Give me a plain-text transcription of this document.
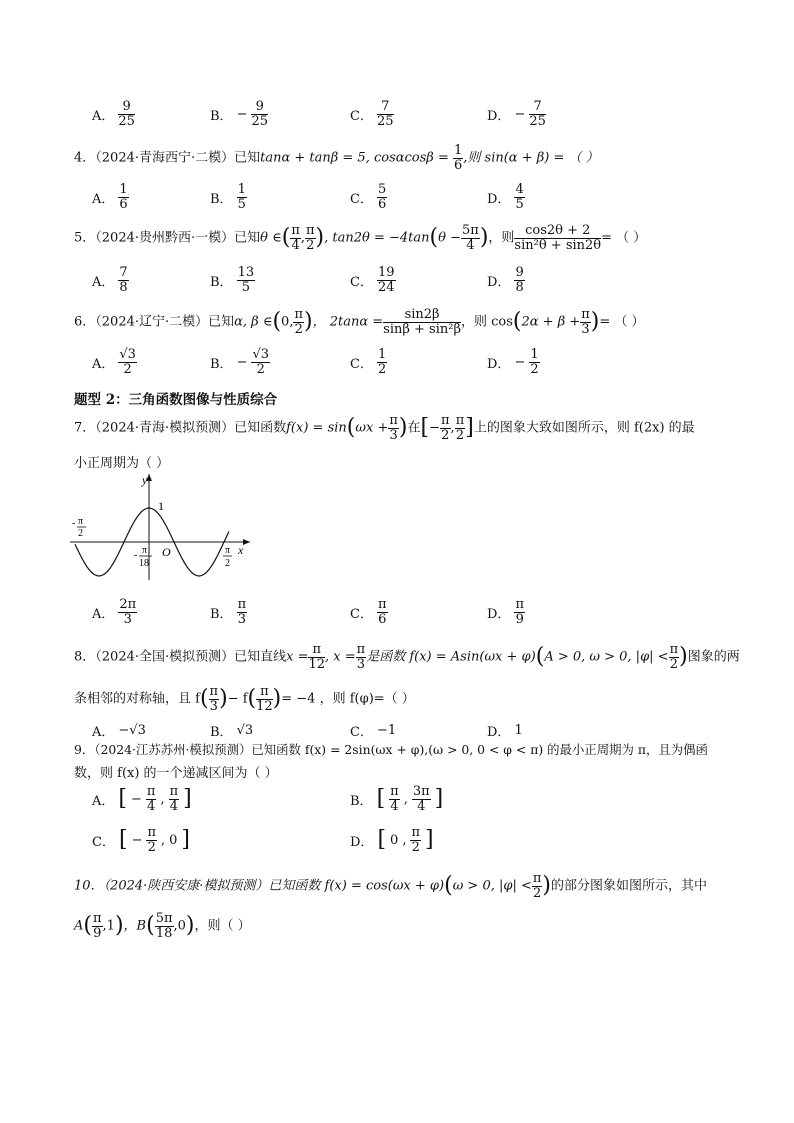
A．
9
25	B． − $\frac{9}{25}$	C．
7
25	D． − $\frac{7}{25}$
4．（2024·青海西宁·二模）已知tanα + tanβ = 5, $\cos\alpha\cos\beta = \frac{1}{6}$ ,则 sin(α + β) = （ ）
A．
1
6	B．
1
5	C．
5
6	D．
4
5
5．（2024·贵州黔西·一模）已知θ ∈( $\frac{\pi}{4}$ , $\frac{\pi}{2}$ ), $\tan 2\theta = -4\tan(\theta - \frac{5\pi}{4}$ )，则 $\frac{\cos 2\theta + 2}{\text{sin²θ + sin2θ}}$ = （ ）
A．
7
8	B．
13
5	C．
19
24	D．
9
8
6．（2024·辽宁·二模）已知α, β ∈(0, $\frac{\pi}{2}$ )， $2\tan\alpha = \frac{\sin 2\beta}{\text{sinβ + sin²β}}$ ，则 $\cos(2\alpha + \beta + \frac{\pi}{3}$ )= （ ）
A．
√3
2	B． − $\frac{√3}{2}$	C．
1
2	D． − $\frac{1}{2}$
题型 2：三角函数图像与性质综合
7．（2024·青海·模拟预测）已知函数$f(x) = \sin(\omega x + \frac{\pi}{3}$ )在[− $\frac{\pi}{2}$ , $\frac{\pi}{2}$ ]上的图象大致如图所示，则 f(2x) 的最
小正周期为（ ）
1
O
y
x
- π
2
- π
18
π
2
A．
2π
3	B．
π
3	C．
π
6	D．
π
9
8．（2024·全国·模拟预测）已知直线$x = \frac{\pi}{12}$ , $x = \frac{\pi}{3}$ 是函数 f(x) = Asin(ωx + φ)(A > 0, ω > 0, $|\varphi| < \frac{\pi}{2}$ )图象的两
条相邻的对称轴，且 $f( \frac{\pi}{3}$ )− $f( \frac{\pi}{12}$ )= −4 ，则 f(φ)=（ ）
A． −√3	B． √3	C． −1	D． 1
9．（2024·江苏苏州·模拟预测）已知函数 f(x) = 2sin(ωx + φ),(ω > 0, 0 < φ < π) 的最小正周期为 π，且为偶函
数，则 f(x) 的一个递减区间为（ ）
A． [ − $\frac{\pi}{4}$ ,
π
4 ]	B． [ π
4 ,
3π
4 ]
C． [ − $\frac{\pi}{2}$ , 0 ]	D． [ 0 ,
π
2 ]
10．（2024·陕西安康·模拟预测）已知函数 f(x) = cos(ωx + φ)(ω > 0, $|\varphi| < \frac{\pi}{2}$ )的部分图象如图所示，其中
$A( \frac{\pi}{9} ,1)$，$B( \frac{5\pi}{18} ,0)$，则（ ）
